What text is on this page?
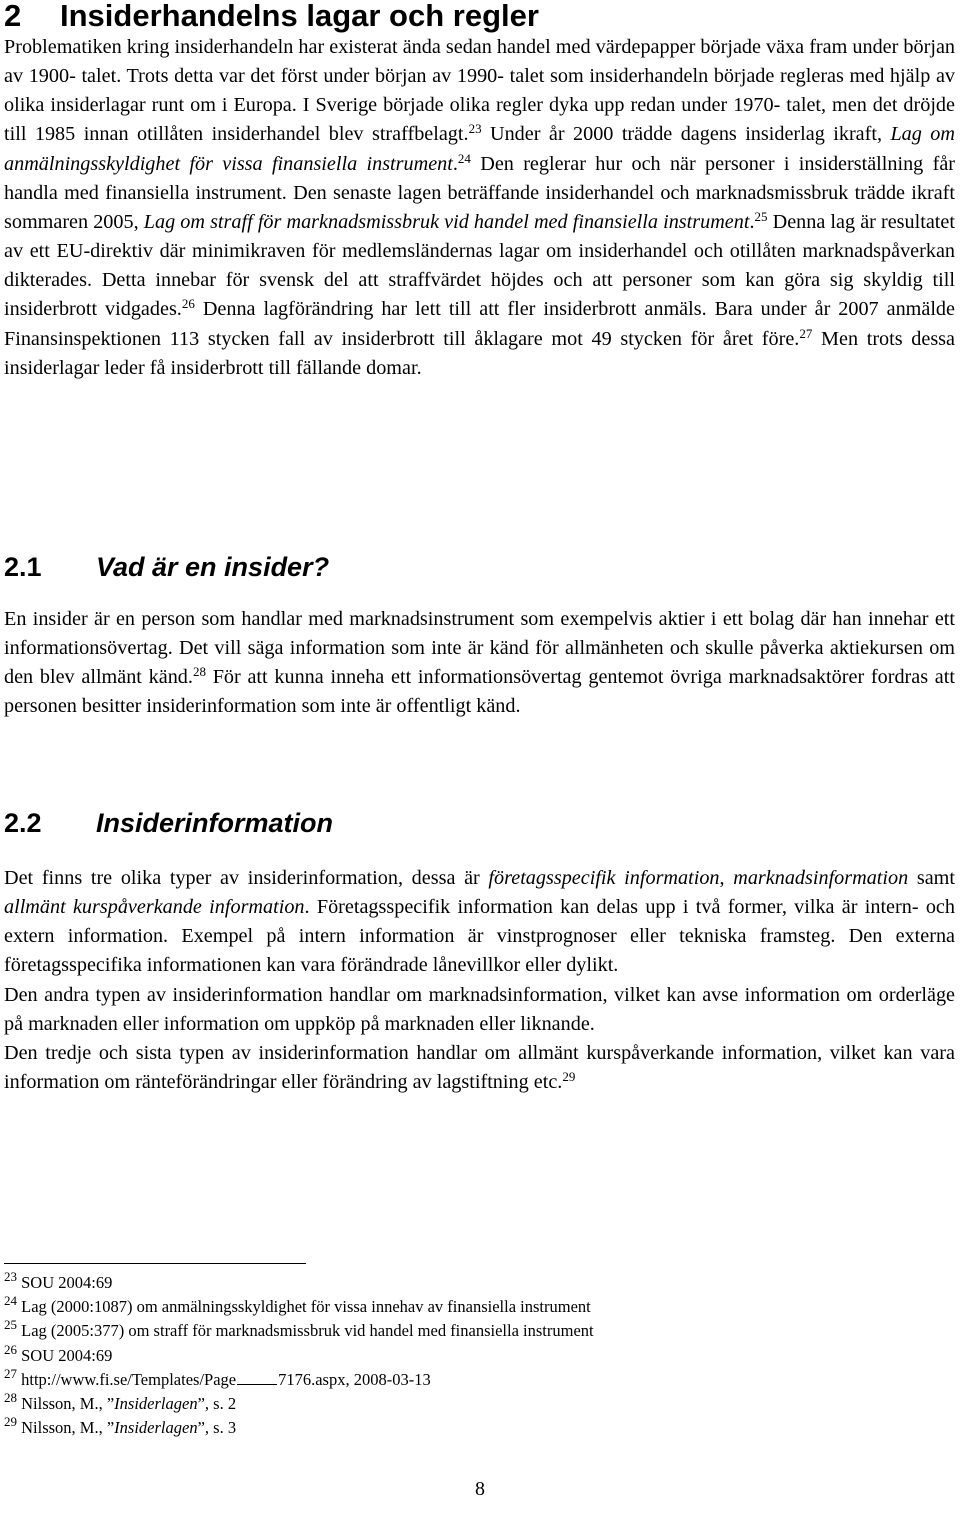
2 Insiderhandelns lagar och regler

Problematiken kring insiderhandeln har existerat ända sedan handel med värdepapper började växa fram under början av 1900- talet. Trots detta var det först under början av 1990- talet som insiderhandeln började regleras med hjälp av olika insiderlagar runt om i Europa. I Sverige började olika regler dyka upp redan under 1970- talet, men det dröjde till 1985 innan otillåten insiderhandel blev straffbelagt.$^{23}$ Under år 2000 trädde dagens insiderlag ikraft, Lag om anmälningsskyldighet för vissa finansiella instrument.$^{24}$ Den reglerar hur och när personer i insiderställning får handla med finansiella instrument. Den senaste lagen beträffande insiderhandel och marknadsmissbruk trädde ikraft sommaren 2005, Lag om straff för marknadsmissbruk vid handel med finansiella instrument.$^{25}$ Denna lag är resultatet av ett EU-direktiv där minimikraven för medlemsländernas lagar om insiderhandel och otillåten marknadspåverkan dikterades. Detta innebar för svensk del att straffvärdet höjdes och att personer som kan göra sig skyldig till insiderbrott vidgades.$^{26}$ Denna lagförändring har lett till att fler insiderbrott anmäls. Bara under år 2007 anmälde Finansinspektionen 113 stycken fall av insiderbrott till åklagare mot 49 stycken för året före.$^{27}$ Men trots dessa insiderlagar leder få insiderbrott till fällande domar.

2.1 Vad är en insider?

En insider är en person som handlar med marknadsinstrument som exempelvis aktier i ett bolag där han innehar ett informationsövertag. Det vill säga information som inte är känd för allmänheten och skulle påverka aktiekursen om den blev allmänt känd.$^{28}$ För att kunna inneha ett informationsövertag gentemot övriga marknadsaktörer fordras att personen besitter insiderinformation som inte är offentligt känd.

2.2 Insiderinformation

Det finns tre olika typer av insiderinformation, dessa är företagsspecifik information, marknadsinformation samt allmänt kurspåverkande information. Företagsspecifik information kan delas upp i två former, vilka är intern- och extern information. Exempel på intern information är vinstprognoser eller tekniska framsteg. Den externa företagsspecifika informationen kan vara förändrade lånevillkor eller dylikt.

Den andra typen av insiderinformation handlar om marknadsinformation, vilket kan avse information om orderläge på marknaden eller information om uppköp på marknaden eller liknande.

Den tredje och sista typen av insiderinformation handlar om allmänt kurspåverkande information, vilket kan vara information om ränteförändringar eller förändring av lagstiftning etc.$^{29}$

$^{23}$ SOU 2004:69
$^{24}$ Lag (2000:1087) om anmälningsskyldighet för vissa innehav av finansiella instrument
$^{25}$ Lag (2005:377) om straff för marknadsmissbruk vid handel med finansiella instrument
$^{26}$ SOU 2004:69
$^{27}$ http://www.fi.se/Templates/Page	7176.aspx, 2008-03-13
$^{28}$ Nilsson, M., ”Insiderlagen”, s. 2
$^{29}$ Nilsson, M., ”Insiderlagen”, s. 3
8
